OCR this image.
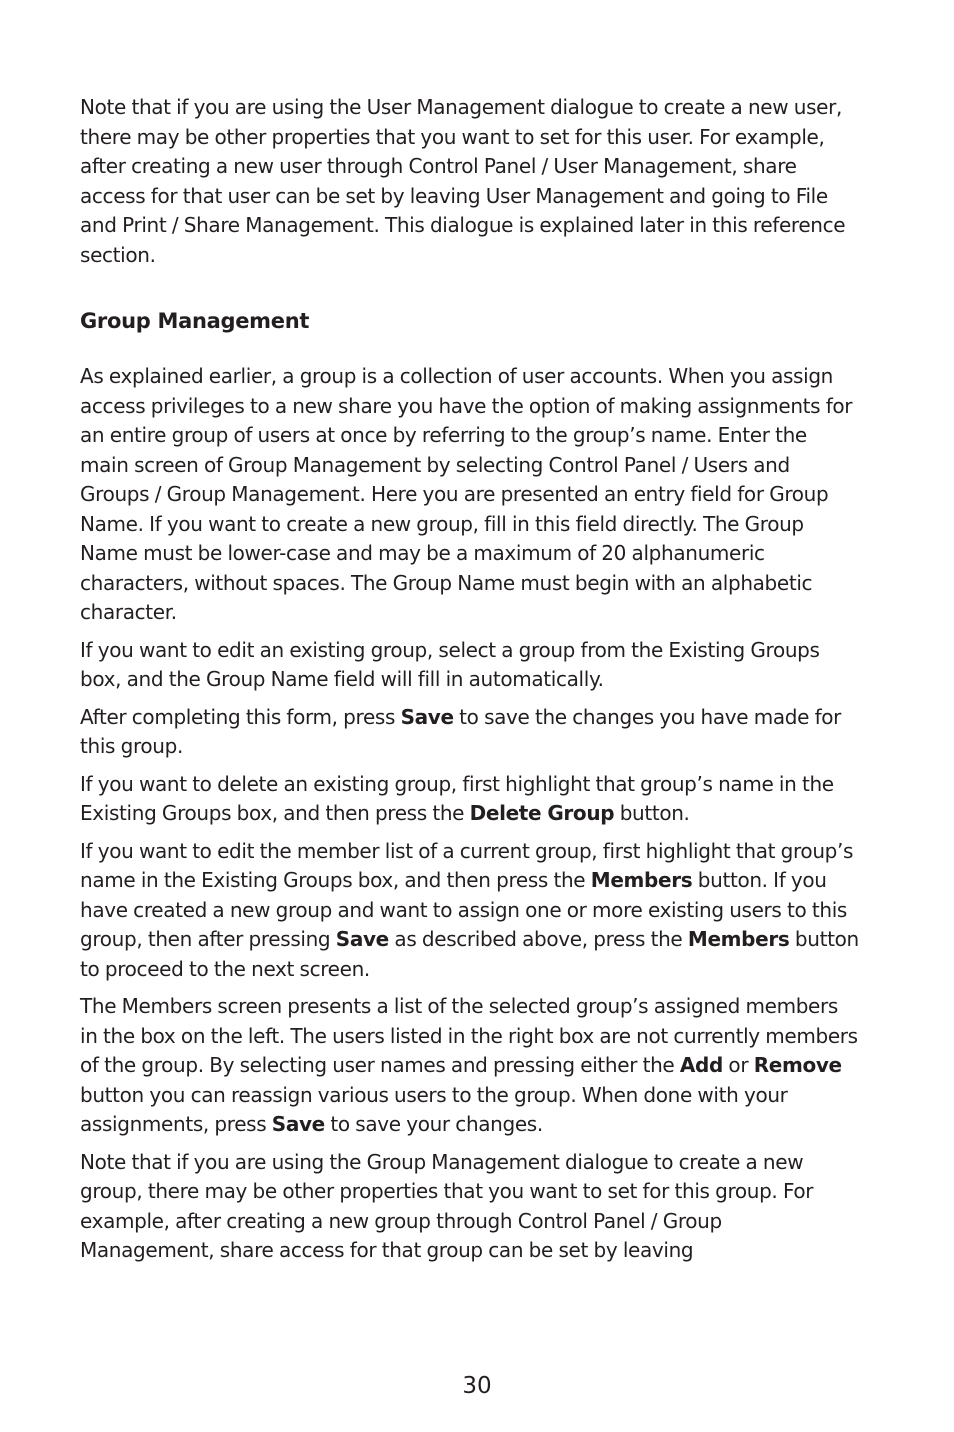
Note that if you are using the User Management dialogue to create a new user, there may be other properties that you want to set for this user. For example, after creating a new user through Control Panel / User Management, share access for that user can be set by leaving User Management and going to File and Print / Share Management. This dialogue is explained later in this reference section.

Group Management

As explained earlier, a group is a collection of user accounts. When you assign access privileges to a new share you have the option of making assignments for an entire group of users at once by referring to the group’s name. Enter the main screen of Group Management by selecting Control Panel / Users and Groups / Group Management. Here you are presented an entry field for Group Name. If you want to create a new group, fill in this field directly. The Group Name must be lower-case and may be a maximum of 20 alphanumeric characters, without spaces. The Group Name must begin with an alphabetic character.

If you want to edit an existing group, select a group from the Existing Groups box, and the Group Name field will fill in automatically.

After completing this form, press Save to save the changes you have made for this group.

If you want to delete an existing group, first highlight that group’s name in the Existing Groups box, and then press the Delete Group button.

If you want to edit the member list of a current group, first highlight that group’s name in the Existing Groups box, and then press the Members button. If you have created a new group and want to assign one or more existing users to this group, then after pressing Save as described above, press the Members button to proceed to the next screen.

The Members screen presents a list of the selected group’s assigned members in the box on the left. The users listed in the right box are not currently members of the group. By selecting user names and pressing either the Add or Remove button you can reassign various users to the group. When done with your assignments, press Save to save your changes.

Note that if you are using the Group Management dialogue to create a new group, there may be other properties that you want to set for this group. For example, after creating a new group through Control Panel / Group Management, share access for that group can be set by leaving

30
